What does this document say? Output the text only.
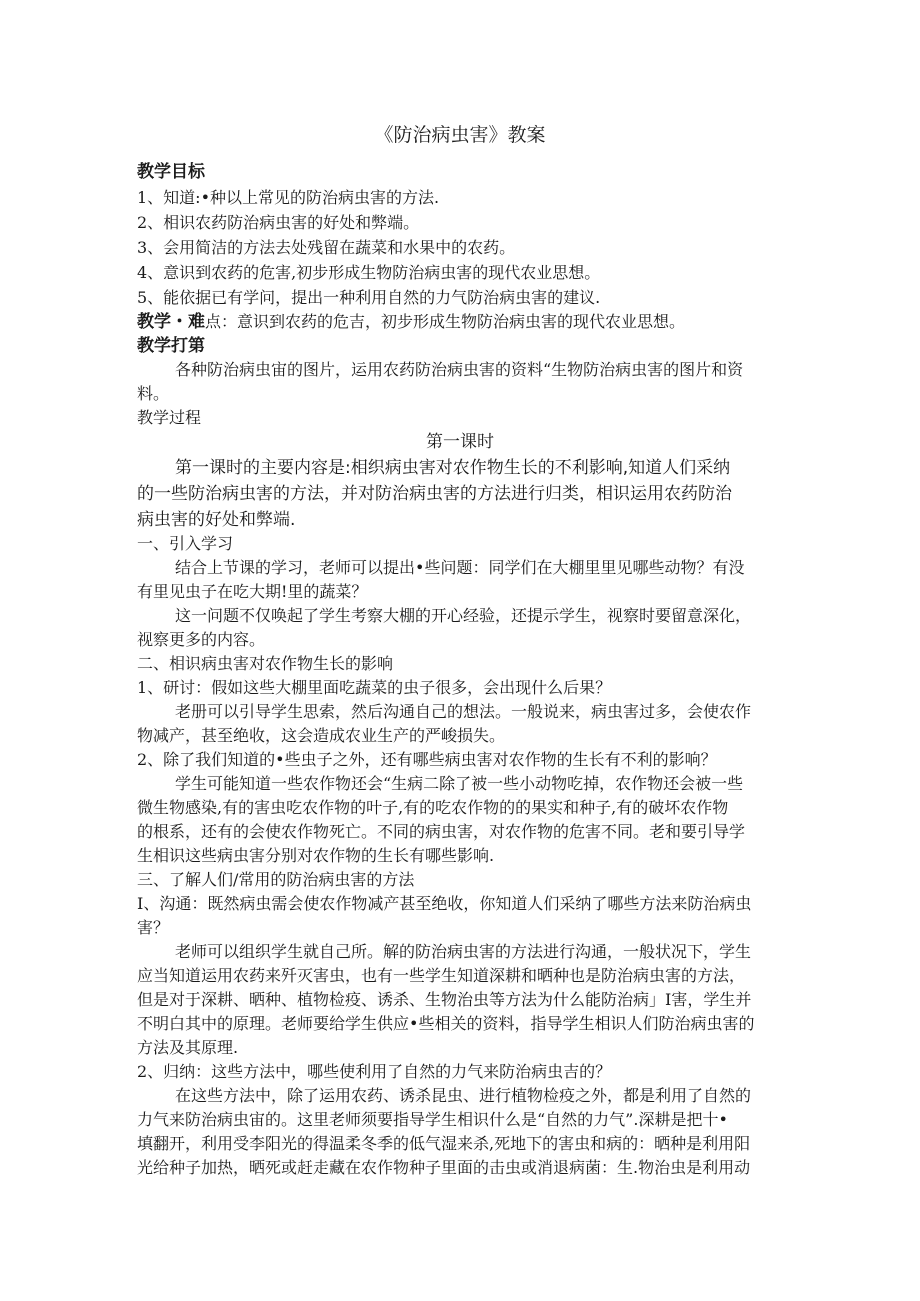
《防治病虫害》教案
教学目标
1、知道:•种以上常见的防治病虫害的方法.
2、相识农药防治病虫害的好处和弊端。
3、会用简洁的方法去处残留在蔬菜和水果中的农药。
4、意识到农药的危害,初步形成生物防治病虫害的现代农业思想。
5、能依据已有学问，提出一种利用自然的力气防治病虫害的建议.
教学・难点：意识到农药的危吉，初步形成生物防治病虫害的现代农业思想。
教学打第
各种防治病虫宙的图片，运用农药防治病虫害的资料“生物防治病虫害的图片和资
料。
教学过程
第一课时
第一课时的主要内容是:相织病虫害对农作物生长的不利影响,知道人们采纳
的一些防治病虫害的方法，并对防治病虫害的方法进行归类，相识运用农药防治
病虫害的好处和弊端.
一、引入学习
结合上节课的学习，老师可以提出•些问题：同学们在大棚里里见哪些动物？有没
有里见虫子在吃大期!里的蔬菜？
这一问题不仅唤起了学生考察大棚的开心经验，还提示学生，视察时要留意深化，
视察更多的内容。
二、相识病虫害对农作物生长的影响
1、研讨：假如这些大棚里面吃蔬菜的虫子很多，会出现什么后果？
老册可以引导学生思索，然后沟通自己的想法。一般说来，病虫害过多，会使农作
物减产，甚至绝收，这会造成农业生产的严峻损失。
2、除了我们知道的•些虫子之外，还有哪些病虫害对农作物的生长有不利的影响？
学生可能知道一些农作物还会“生病二除了被一些小动物吃掉，农作物还会被一些
微生物感染,有的害虫吃农作物的叶子,有的吃农作物的的果实和种子,有的破坏农作物
的根系，还有的会使农作物死亡。不同的病虫害，对农作物的危害不同。老和要引导学
生相识这些病虫害分别对农作物的生长有哪些影响.
三、了解人们/常用的防治病虫害的方法
I、沟通：既然病虫需会使农作物减产甚至绝收，你知道人们采纳了哪些方法来防治病虫
害？
老师可以组织学生就自己所。解的防治病虫害的方法进行沟通，一般状况下，学生
应当知道运用农药来歼灭害虫，也有一些学生知道深耕和晒种也是防治病虫害的方法，
但是对于深耕、晒种、植物检疫、诱杀、生物治虫等方法为什么能防治病」I害，学生并
不明白其中的原理。老师要给学生供应•些相关的资料，指导学生相识人们防治病虫害的
方法及其原理.
2、归纳：这些方法中，哪些使利用了自然的力气来防治病虫吉的？
在这些方法中，除了运用农药、诱杀昆虫、进行植物检疫之外，都是利用了自然的
力气来防治病虫宙的。这里老师须要指导学生相识什么是“自然的力气”.深耕是把十•
填翻开，利用受李阳光的得温柔冬季的低气湿来杀,死地下的害虫和病的：晒种是利用阳
光给种子加热，晒死或赶走藏在农作物种子里面的击虫或消退病菌：生.物治虫是利用动
